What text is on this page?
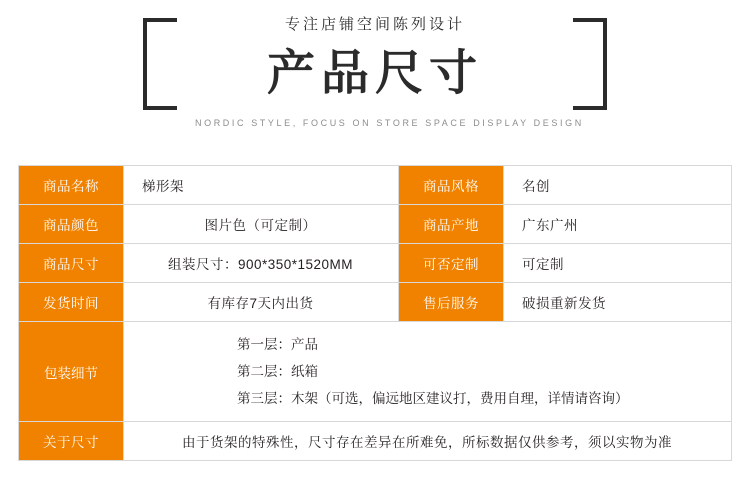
专注店铺空间陈列设计
产品尺寸
NORDIC STYLE, FOCUS ON STORE SPACE DISPLAY DESIGN
商品名称	梯形架	商品风格	名创
商品颜色	图片色（可定制）	商品产地	广东广州
商品尺寸	组装尺寸：900*350*1520MM	可否定制	可定制
发货时间	有库存7天内出货	售后服务	破损重新发货
包装细节	第一层：产品
第二层：纸箱
第三层：木架（可选，偏远地区建议打，费用自理，详情请咨询）		

关于尺寸	由于货架的特殊性，尺寸存在差异在所难免，所标数据仅供参考，须以实物为准		
